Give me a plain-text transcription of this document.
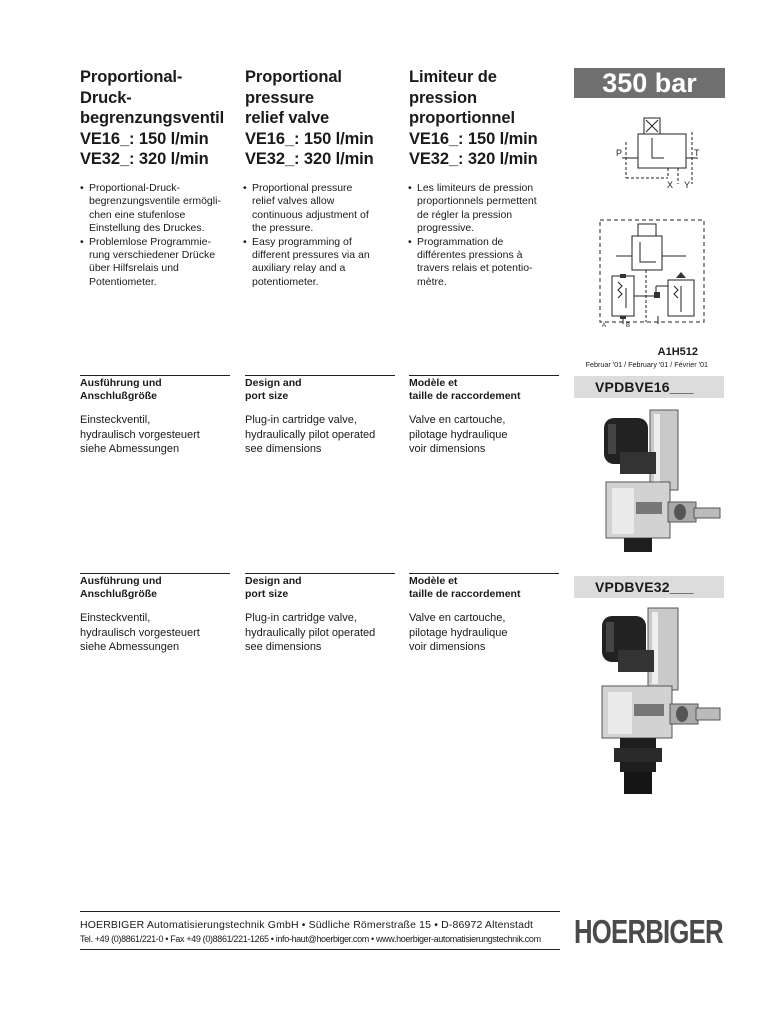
Proportional-
Druck-
begrenzungsventil
VE16_: 150 l/min
VE32_: 320 l/min
Proportional
pressure
relief valve
VE16_: 150 l/min
VE32_: 320 l/min
Limiteur de
pression
proportionnel
VE16_: 150 l/min
VE32_: 320 l/min
• Proportional-Druck-
begrenzungsventile ermögli-
chen eine stufenlose
Einstellung des Druckes.
• Problemlose Programmie-
rung verschiedener Drücke
über Hilfsrelais und
Potentiometer.
• Proportional pressure
relief valves allow
continuous adjustment of
the pressure.
• Easy programming of
different pressures via an
auxiliary relay and a
potentiometer.
• Les limiteurs de pression
proportionnels permettent
de régler la pression
progressive.
• Programmation de
différentes pressions à
travers relais et potentio-
mètre.
350 bar
P	T
X Y
A	B
A1H512
Februar '01 / February '01 / Février '01
Ausführung und
Anschlußgröße
Design and
port size
Modèle et
taille de raccordement
Einsteckventil,
hydraulisch vorgesteuert
siehe Abmessungen
Plug-in cartridge valve,
hydraulically pilot operated
see dimensions
Valve en cartouche,
pilotage hydraulique
voir dimensions
VPDBVE16___
Ausführung und
Anschlußgröße
Design and
port size
Modèle et
taille de raccordement
Einsteckventil,
hydraulisch vorgesteuert
siehe Abmessungen
Plug-in cartridge valve,
hydraulically pilot operated
see dimensions
Valve en cartouche,
pilotage hydraulique
voir dimensions
VPDBVE32___
HOERBIGER Automatisierungstechnik GmbH • Südliche Römerstraße 15 • D-86972 Altenstadt
Tel. +49 (0)8861/221-0 • Fax +49 (0)8861/221-1265 • info-haut@hoerbiger.com • www.hoerbiger-automatisierungstechnik.com HOERBIGER
